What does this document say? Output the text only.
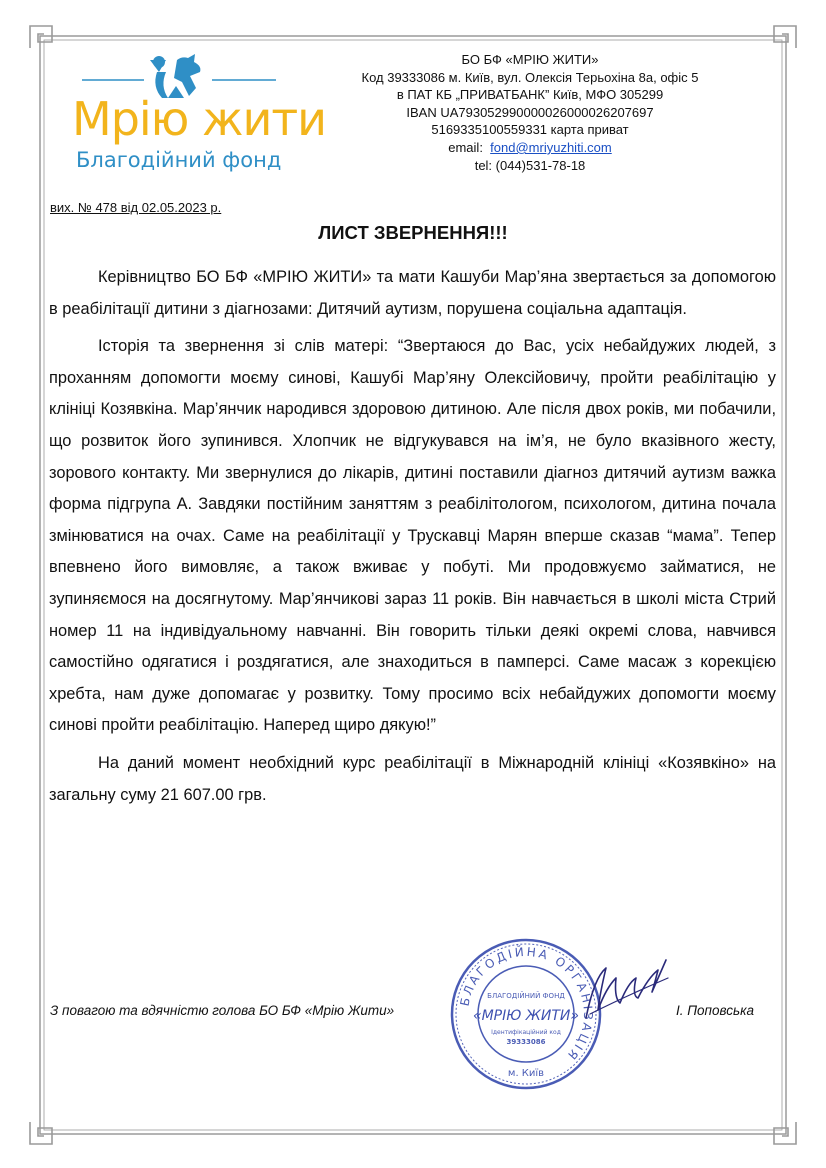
Мрію жити
Благодійний фонд
БО БФ «МРІЮ ЖИТИ»
Код 39333086 м. Київ, вул. Олексія Терьохіна 8а, офіс 5
в ПАТ КБ „ПРИВАТБАНК” Київ, МФО 305299
IBAN UA793052990000026000026207697
5169335100559331 карта приват
email: fond@mriyuzhiti.com
tel: (044)531-78-18
вих. № 478 від 02.05.2023 р.
ЛИСТ ЗВЕРНЕННЯ!!!

Керівництво БО БФ «МРІЮ ЖИТИ» та мати Кашуби Мар’яна звертається за допомогою в реабілітації дитини з діагнозами: Дитячий аутизм, порушена соціальна адаптація.

Історія та звернення зі слів матері: “Звертаюся до Вас, усіх небайдужих людей, з проханням допомогти моєму синові, Кашубі Мар’яну Олексійовичу, пройти реабілітацію у клініці Козявкіна. Мар’янчик народився здоровою дитиною. Але після двох років, ми побачили, що розвиток його зупинився. Хлопчик не відгукувався на ім’я, не було вказівного жесту, зорового контакту. Ми звернулися до лікарів, дитині поставили діагноз дитячий аутизм важка форма підгрупа А. Завдяки постійним заняттям з реабілітологом, психологом, дитина почала змінюватися на очах. Саме на реабілітації у Трускавці Марян вперше сказав “мама”. Тепер впевнено його вимовляє, а також вживає у побуті. Ми продовжуємо займатися, не зупиняємося на досягнутому. Мар’янчикові зараз 11 років. Він навчається в школі міста Стрий номер 11 на індивідуальному навчанні. Він говорить тільки деякі окремі слова, навчився самостійно одягатися і роздягатися, але знаходиться в памперсі. Саме масаж з корекцією хребта, нам дуже допомагає у розвитку. Тому просимо всіх небайдужих допомогти моєму синові пройти реабілітацію. Наперед щиро дякую!”

На даний момент необхідний курс реабілітації в Міжнародній клініці «Козявкіно» на загальну суму 21 607.00 грв.

З повагою та вдячністю голова БО БФ «Мрію Жити»	І. Поповська
БЛАГОДІЙНА ОРГАНІЗАЦІЯ
БЛАГОДІЙНИЙ ФОНД
«МРІЮ ЖИТИ»
Ідентифікаційний код
39333086
м. Київ
